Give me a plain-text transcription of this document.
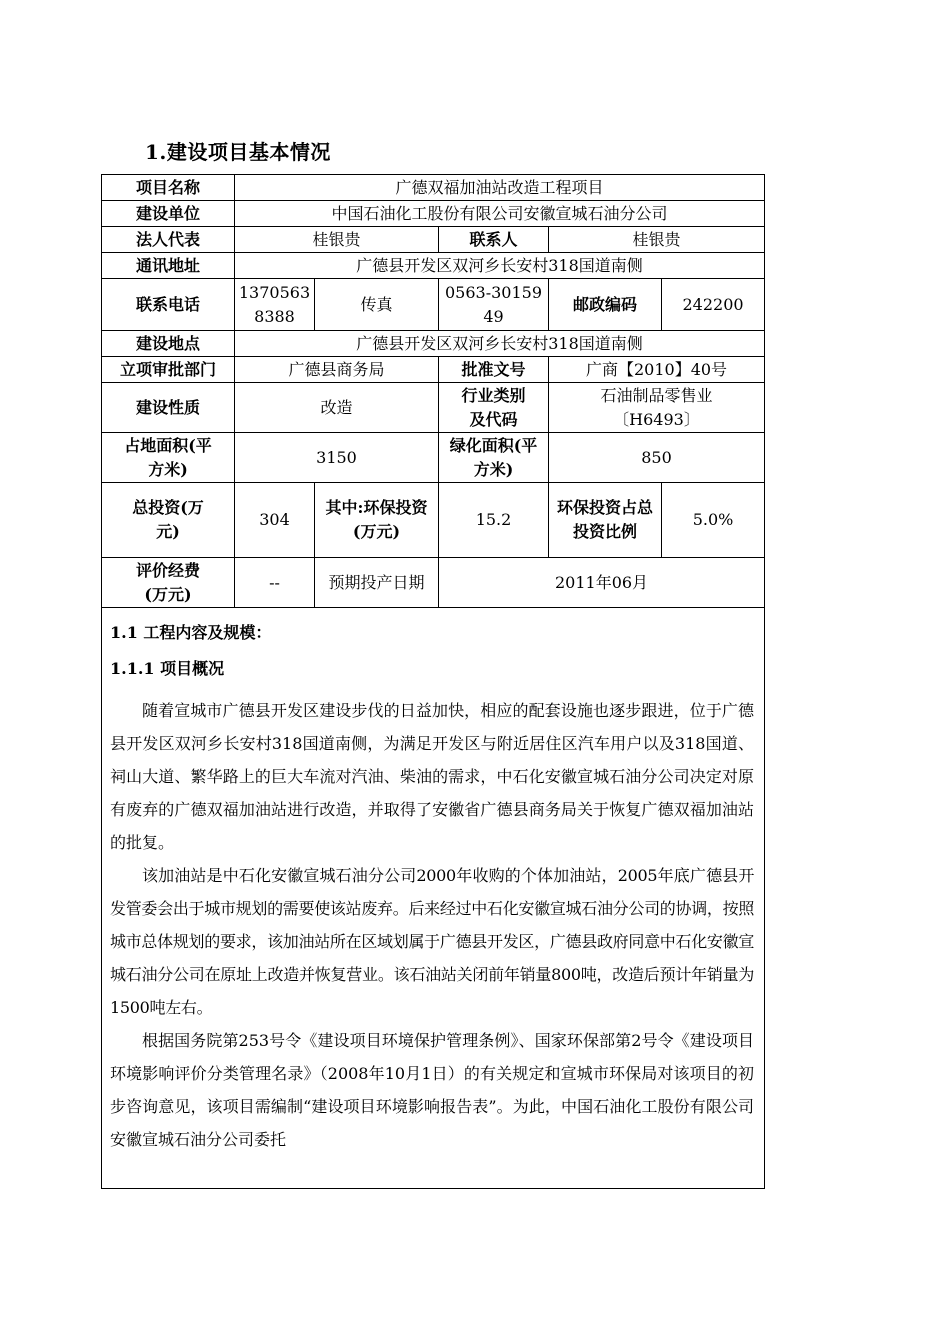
1.建设项目基本情况
项目名称	广德双福加油站改造工程项目				
建设单位	中国石油化工股份有限公司安徽宣城石油分公司				
法人代表	桂银贵		联系人	桂银贵	
通讯地址	广德县开发区双河乡长安村318国道南侧				
联系电话	13705638388	传真	0563-3015949	邮政编码	242200
建设地点	广德县开发区双河乡长安村318国道南侧				
立项审批部门	广德县商务局		批准文号	广商【2010】40号	
建设性质	改造		行业类别及代码	石油制品零售业〔H6493〕	
占地面积(平方米)	3150		绿化面积(平方米)	850	
总投资(万元)	304	其中:环保投资(万元)	15.2	环保投资占总投资比例	5.0%
评价经费(万元)	--	预期投产日期	2011年06月		

1.1 工程内容及规模：
1.1.1 项目概况

随着宣城市广德县开发区建设步伐的日益加快，相应的配套设施也逐步跟进，位于广德县开发区双河乡长安村318国道南侧，为满足开发区与附近居住区汽车用户以及318国道、祠山大道、繁华路上的巨大车流对汽油、柴油的需求，中石化安徽宣城石油分公司决定对原有废弃的广德双福加油站进行改造，并取得了安徽省广德县商务局关于恢复广德双福加油站的批复。

该加油站是中石化安徽宣城石油分公司2000年收购的个体加油站，2005年底广德县开发管委会出于城市规划的需要使该站废弃。后来经过中石化安徽宣城石油分公司的协调，按照城市总体规划的要求，该加油站所在区域划属于广德县开发区，广德县政府同意中石化安徽宣城石油分公司在原址上改造并恢复营业。该石油站关闭前年销量800吨，改造后预计年销量为1500吨左右。

根据国务院第253号令《建设项目环境保护管理条例》、国家环保部第2号令《建设项目环境影响评价分类管理名录》（2008年10月1日）的有关规定和宣城市环保局对该项目的初步咨询意见，该项目需编制“建设项目环境影响报告表”。为此，中国石油化工股份有限公司安徽宣城石油分公司委托					
